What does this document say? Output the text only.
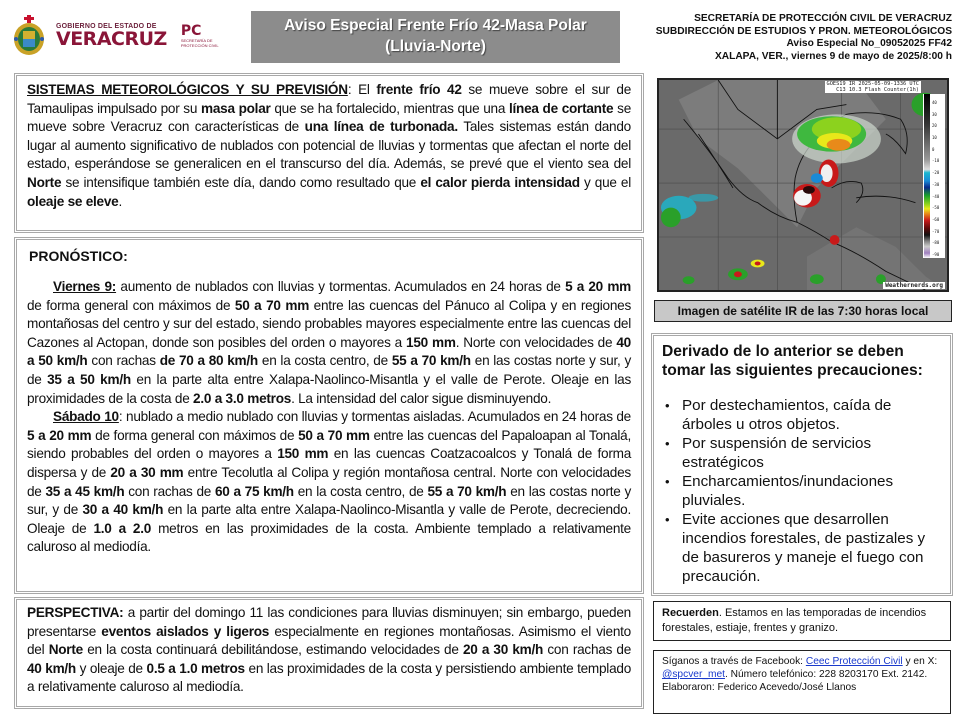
GOBIERNO DEL ESTADO DE
VERACRUZ PC
SECRETARÍA DE
PROTECCIÓN CIVIL
Aviso Especial Frente Frío 42-Masa Polar
(Lluvia-Norte)
SECRETARÍA DE PROTECCIÓN CIVIL DE VERACRUZ
SUBDIRECCIÓN DE ESTUDIOS Y PRON. METEOROLÓGICOS
Aviso Especial No_09052025 FF42
XALAPA, VER., viernes 9 de mayo de 2025/8:00 h

SISTEMAS METEOROLÓGICOS Y SU PREVISIÓN: El frente frío 42 se mueve sobre el sur de Tamaulipas impulsado por su masa polar que se ha fortalecido, mientras que una línea de cortante se mueve sobre Veracruz con características de una línea de turbonada. Tales sistemas están dando lugar al aumento significativo de nublados con potencial de lluvias y tormentas que afectan el norte del estado, esperándose se generalicen en el transcurso del día. Además, se prevé que el viento sea del Norte se intensifique también este día, dando como resultado que el calor pierda intensidad y que el oleaje se eleve.

PRONÓSTICO:

Viernes 9: aumento de nublados con lluvias y tormentas. Acumulados en 24 horas de 5 a 20 mm de forma general con máximos de 50 a 70 mm entre las cuencas del Pánuco al Colipa y en regiones montañosas del centro y sur del estado, siendo probables mayores especialmente entre las cuencas del Cazones al Actopan, donde son posibles del orden o mayores a 150 mm. Norte con velocidades de 40 a 50 km/h con rachas de 70 a 80 km/h en la costa centro, de 55 a 70 km/h en las costas norte y sur, y de 35 a 50 km/h en la parte alta entre Xalapa-Naolinco-Misantla y el valle de Perote. Oleaje en las proximidades de la costa de 2.0 a 3.0 metros. La intensidad del calor sigue disminuyendo.

Sábado 10: nublado a medio nublado con lluvias y tormentas aisladas. Acumulados en 24 horas de 5 a 20 mm de forma general con máximos de 50 a 70 mm entre las cuencas del Papaloapan al Tonalá, siendo probables del orden o mayores a 150 mm en las cuencas Coatzacoalcos y Tonalá de forma dispersa y de 20 a 30 mm entre Tecolutla al Colipa y región montañosa central. Norte con velocidades de 35 a 45 km/h con rachas de 60 a 75 km/h en la costa centro, de 55 a 70 km/h en las costas norte y sur, y de 30 a 40 km/h en la parte alta entre Xalapa-Naolinco-Misantla y valle de Perote, decreciendo. Oleaje de 1.0 a 2.0 metros en las proximidades de la costa. Ambiente templado a relativamente caluroso al mediodía.

PERSPECTIVA: a partir del domingo 11 las condiciones para lluvias disminuyen; sin embargo, pueden presentarse eventos aislados y ligeros especialmente en regiones montañosas. Asimismo el viento del Norte en la costa continuará debilitándose, estimando velocidades de 20 a 30 km/h con rachas de 40 km/h y oleaje de 0.5 a 1.0 metros en las proximidades de la costa y persistiendo ambiente templado a relativamente caluroso al mediodía.

GOES19 IR 2025-05-09-1336 UTC
C13 10.3 Flash Counter(1h)
40
30
20
10
0
-10
-20
-30
-40
-50
-60
-70
-80
-90
Weathernerds.org
Imagen de satélite IR de las 7:30 horas local
Derivado de lo anterior se deben tomar las siguientes precauciones:
• Por destechamientos, caída de árboles u otros objetos.
• Por suspensión de servicios estratégicos
• Encharcamientos/inundaciones pluviales.
• Evite acciones que desarrollen incendios forestales, de pastizales y de basureros y maneje el fuego con precaución.
Recuerden. Estamos en las temporadas de incendios forestales, estiaje, frentes y granizo.
Síganos a través de Facebook: Ceec Protección Civil y en X: @spcver_met. Número telefónico: 228 8203170 Ext. 2142.
Elaboraron: Federico Acevedo/José Llanos
